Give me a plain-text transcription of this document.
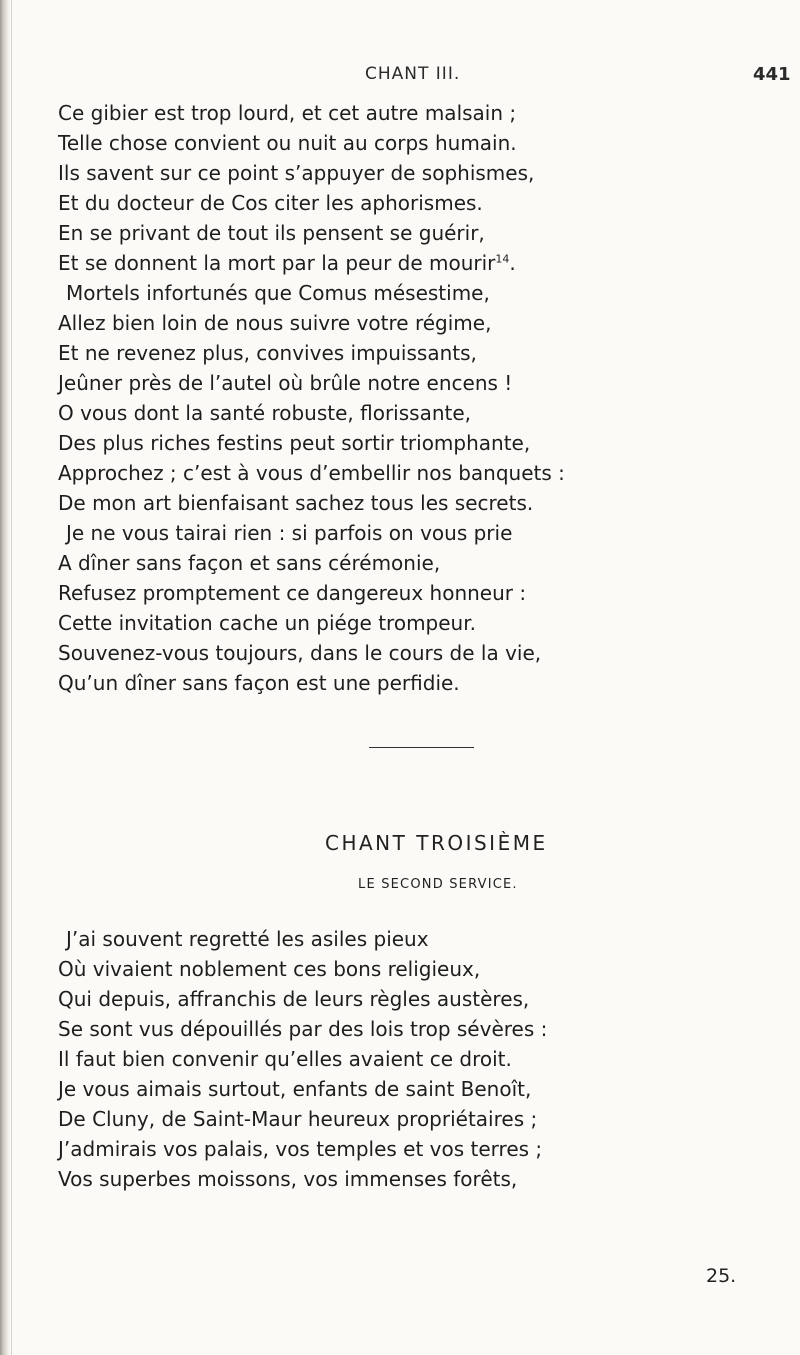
CHANT III.	441
Ce gibier est trop lourd, et cet autre malsain ;
Telle chose convient ou nuit au corps humain.
Ils savent sur ce point s’appuyer de sophismes,
Et du docteur de Cos citer les aphorismes.
En se privant de tout ils pensent se guérir,
Et se donnent la mort par la peur de mourir$^{14}$.
Mortels infortunés que Comus mésestime,
Allez bien loin de nous suivre votre régime,
Et ne revenez plus, convives impuissants,
Jeûner près de l’autel où brûle notre encens !
O vous dont la santé robuste, florissante,
Des plus riches festins peut sortir triomphante,
Approchez ; c’est à vous d’embellir nos banquets :
De mon art bienfaisant sachez tous les secrets.
Je ne vous tairai rien : si parfois on vous prie
A dîner sans façon et sans cérémonie,
Refusez promptement ce dangereux honneur :
Cette invitation cache un piége trompeur.
Souvenez-vous toujours, dans le cours de la vie,
Qu’un dîner sans façon est une perfidie.
CHANT TROISIÈME
LE SECOND SERVICE.
J’ai souvent regretté les asiles pieux
Où vivaient noblement ces bons religieux,
Qui depuis, affranchis de leurs règles austères,
Se sont vus dépouillés par des lois trop sévères :
Il faut bien convenir qu’elles avaient ce droit.
Je vous aimais surtout, enfants de saint Benoît,
De Cluny, de Saint-Maur heureux propriétaires ;
J’admirais vos palais, vos temples et vos terres ;
Vos superbes moissons, vos immenses forêts,
25.
